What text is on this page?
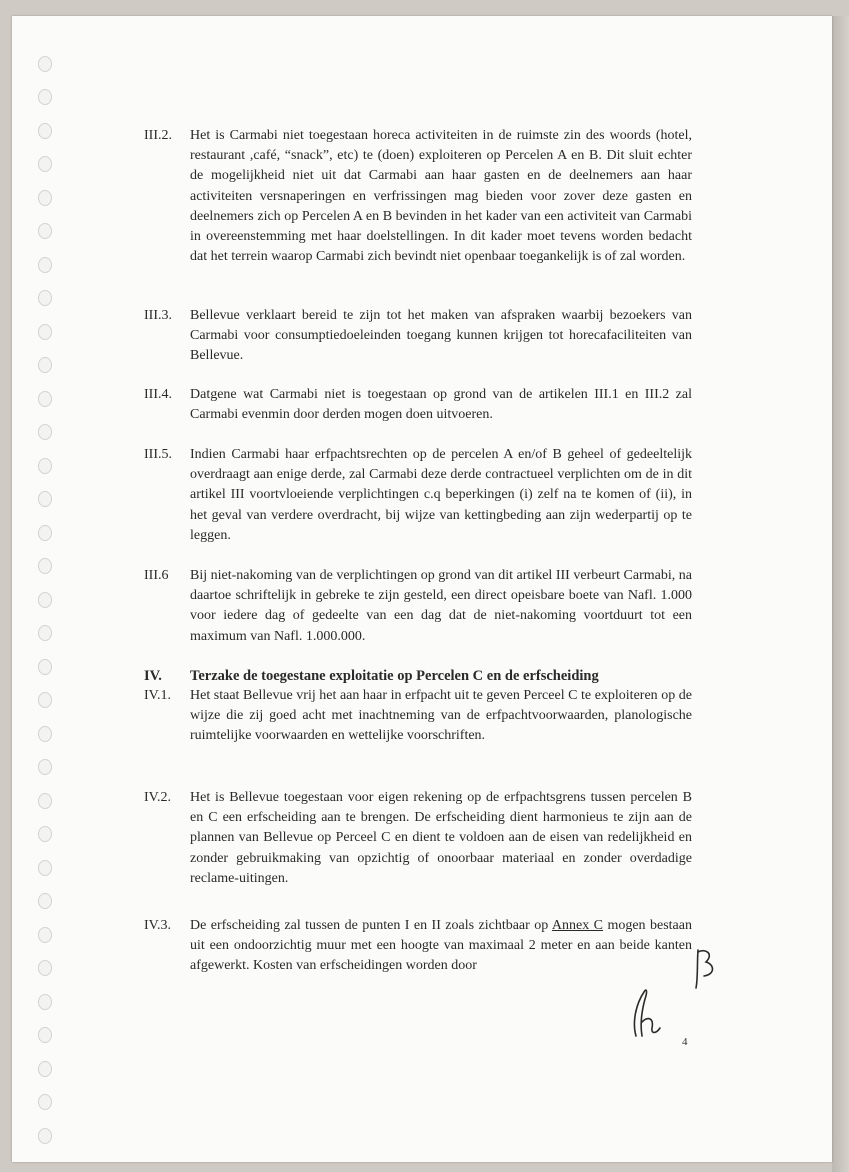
III.2. Het is Carmabi niet toegestaan horeca activiteiten in de ruimste zin des woords (hotel, restaurant ,café, “snack”, etc) te (doen) exploiteren op Percelen A en B. Dit sluit echter de mogelijkheid niet uit dat Carmabi aan haar gasten en de deelnemers aan haar activiteiten versnaperingen en verfrissingen mag bieden voor zover deze gasten en deelnemers zich op Percelen A en B bevinden in het kader van een activiteit van Carmabi in overeenstemming met haar doelstellingen. In dit kader moet tevens worden bedacht dat het terrein waarop Carmabi zich bevindt niet openbaar toegankelijk is of zal worden.
III.3. Bellevue verklaart bereid te zijn tot het maken van afspraken waarbij bezoekers van Carmabi voor consumptiedoeleinden toegang kunnen krijgen tot horecafaciliteiten van Bellevue.
III.4. Datgene wat Carmabi niet is toegestaan op grond van de artikelen III.1 en III.2 zal Carmabi evenmin door derden mogen doen uitvoeren.
III.5. Indien Carmabi haar erfpachtsrechten op de percelen A en/of B geheel of gedeeltelijk overdraagt aan enige derde, zal Carmabi deze derde contractueel verplichten om de in dit artikel III voortvloeiende verplichtingen c.q beperkingen (i) zelf na te komen of (ii), in het geval van verdere overdracht, bij wijze van kettingbeding aan zijn wederpartij op te leggen.
III.6 Bij niet-nakoming van de verplichtingen op grond van dit artikel III verbeurt Carmabi, na daartoe schriftelijk in gebreke te zijn gesteld, een direct opeisbare boete van Nafl. 1.000 voor iedere dag of gedeelte van een dag dat de niet-nakoming voortduurt tot een maximum van Nafl. 1.000.000.
IV. Terzake de toegestane exploitatie op Percelen C en de erfscheiding
IV.1. Het staat Bellevue vrij het aan haar in erfpacht uit te geven Perceel C te exploiteren op de wijze die zij goed acht met inachtneming van de erfpachtvoorwaarden, planologische ruimtelijke voorwaarden en wettelijke voorschriften.
IV.2. Het is Bellevue toegestaan voor eigen rekening op de erfpachtsgrens tussen percelen B en C een erfscheiding aan te brengen. De erfscheiding dient harmonieus te zijn aan de plannen van Bellevue op Perceel C en dient te voldoen aan de eisen van redelijkheid en zonder gebruikmaking van opzichtig of onoorbaar materiaal en zonder overdadige reclame-uitingen.
IV.3. De erfscheiding zal tussen de punten I en II zoals zichtbaar op Annex C mogen bestaan uit een ondoorzichtig muur met een hoogte van maximaal 2 meter en aan beide kanten afgewerkt. Kosten van erfscheidingen worden door
4
